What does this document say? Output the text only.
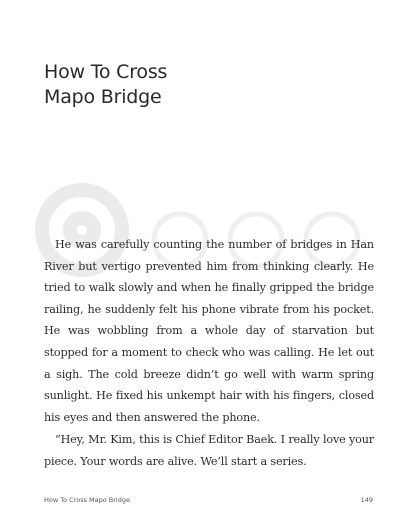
How To Cross
Mapo Bridge

He was carefully counting the number of bridges in Han River but vertigo prevented him from thinking clearly. He tried to walk slowly and when he finally gripped the bridge railing, he suddenly felt his phone vibrate from his pocket. He was wobbling from a whole day of starvation but stopped for a moment to check who was calling. He let out a sigh. The cold breeze didn’t go well with warm spring sunlight. He fixed his unkempt hair with his fingers, closed his eyes and then answered the phone.

“Hey, Mr. Kim, this is Chief Editor Baek. I really love your piece. Your words are alive. We’ll start a series.

How To Cross Mapo Bridge	149
